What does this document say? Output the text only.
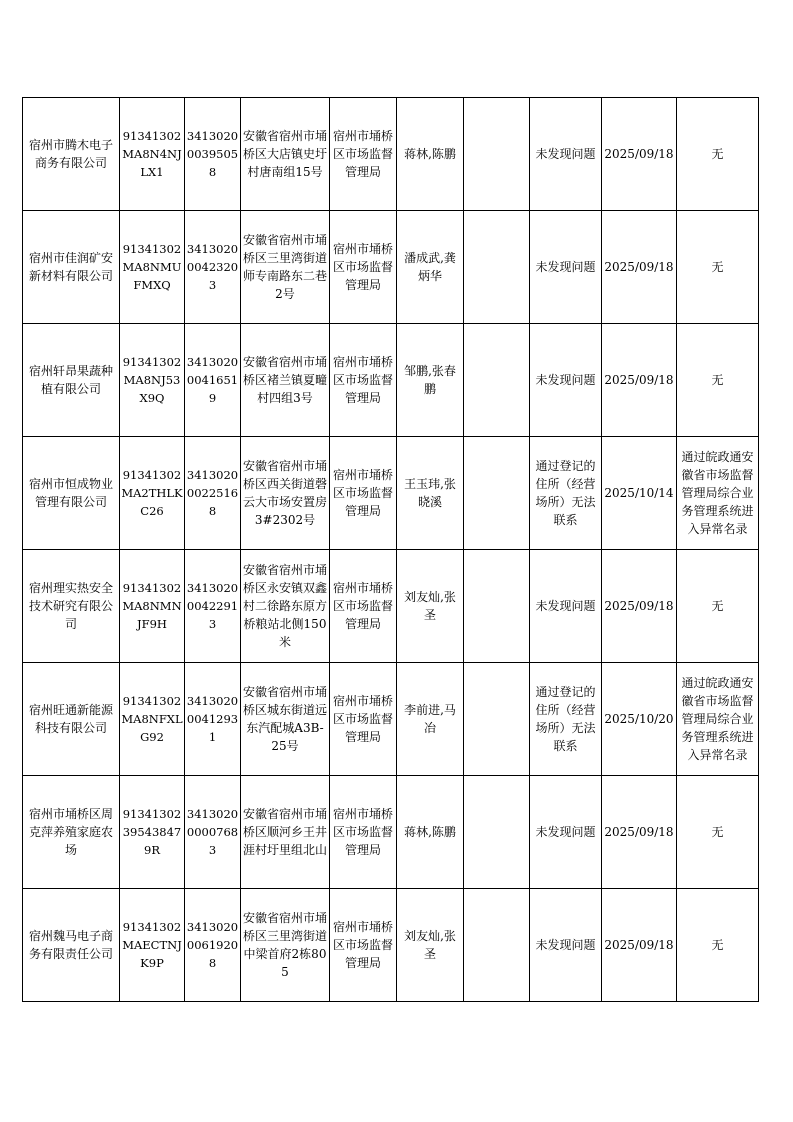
宿州市腾木电子商务有限公司	91341302MA8N4NJLX1	341302000395058	安徽省宿州市埇桥区大店镇史圩村唐南组15号	宿州市埇桥区市场监督管理局	蒋林,陈鹏		未发现问题	2025/09/18	无
宿州市佳润矿安新材料有限公司	91341302MA8NMUFMXQ	341302000423203	安徽省宿州市埇桥区三里湾街道师专南路东二巷2号	宿州市埇桥区市场监督管理局	潘成武,龚炳华		未发现问题	2025/09/18	无
宿州轩昂果蔬种植有限公司	91341302MA8NJ53X9Q	341302000416519	安徽省宿州市埇桥区褚兰镇夏疃村四组3号	宿州市埇桥区市场监督管理局	邹鹏,张春鹏		未发现问题	2025/09/18	无
宿州市恒成物业管理有限公司	91341302MA2THLKC26	341302000225168	安徽省宿州市埇桥区西关街道磬云大市场安置房3#2302号	宿州市埇桥区市场监督管理局	王玉玮,张晓溪		通过登记的住所（经营场所）无法联系	2025/10/14	通过皖政通安徽省市场监督管理局综合业务管理系统进入异常名录
宿州理实热安全技术研究有限公司	91341302MA8NMNJF9H	341302000422913	安徽省宿州市埇桥区永安镇双鑫村二徐路东原方桥粮站北侧150米	宿州市埇桥区市场监督管理局	刘友灿,张圣		未发现问题	2025/09/18	无
宿州旺通新能源科技有限公司	91341302MA8NFXLG92	341302000412931	安徽省宿州市埇桥区城东街道远东汽配城A3B-25号	宿州市埇桥区市场监督管理局	李前进,马冶		通过登记的住所（经营场所）无法联系	2025/10/20	通过皖政通安徽省市场监督管理局综合业务管理系统进入异常名录
宿州市埇桥区周克萍养殖家庭农场	91341302395438479R	341302000007683	安徽省宿州市埇桥区顺河乡王井涯村圩里组北山	宿州市埇桥区市场监督管理局	蒋林,陈鹏		未发现问题	2025/09/18	无
宿州魏马电子商务有限责任公司	91341302MAECTNJK9P	341302000619208	安徽省宿州市埇桥区三里湾街道中梁首府2栋805	宿州市埇桥区市场监督管理局	刘友灿,张圣		未发现问题	2025/09/18	无
